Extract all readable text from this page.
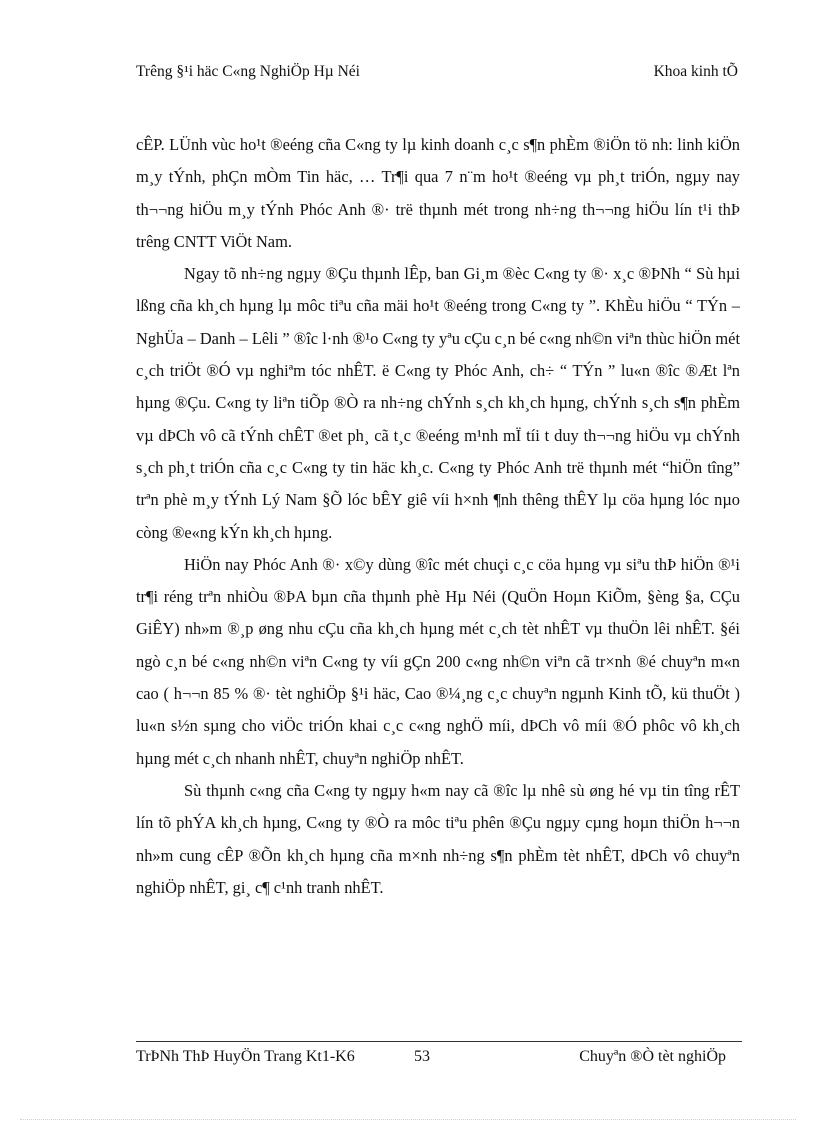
Trêng §¹i häc C«ng NghiÖp Hµ Néi	Khoa kinh tÕ

cÊP. LÜnh vùc ho¹t ®eéng cña C«ng ty lµ kinh doanh c¸c s¶n phÈm ®iÖn tö nh: linh kiÖn m¸y tÝnh, phÇn mÒm Tin häc, … Tr¶i qua 7 n¨m ho¹t ®eéng vµ ph¸t triÓn, ngµy nay th¬¬ng hiÖu m¸y tÝnh Phóc Anh ®· trë thµnh mét trong nh÷ng th¬¬ng hiÖu lín t¹i thÞ trêng CNTT ViÖt Nam.

Ngay tõ nh÷ng ngµy ®Çu thµnh lÊp, ban Gi¸m ®èc C«ng ty ®· x¸c ®ÞNh “ Sù hµi lßng cña kh¸ch hµng lµ môc tiªu cña mäi ho¹t ®eéng trong C«ng ty ”. KhÈu hiÖu “ TÝn – NghÜa – Danh – Lêli ” ®îc l·nh ®¹o C«ng ty yªu cÇu c¸n bé c«ng nh©n viªn thùc hiÖn mét c¸ch triÖt ®Ó vµ nghiªm tóc nhÊT. ë C«ng ty Phóc Anh, ch÷ “ TÝn ” lu«n ®îc ®Æt lªn hµng ®Çu. C«ng ty liªn tiÕp ®Ò ra nh÷ng chÝnh s¸ch kh¸ch hµng, chÝnh s¸ch s¶n phÈm vµ dÞCh vô cã tÝnh chÊT ®et ph¸ cã t¸c ®eéng m¹nh mÏ tíi t duy th¬¬ng hiÖu vµ chÝnh s¸ch ph¸t triÓn cña c¸c C«ng ty tin häc kh¸c. C«ng ty Phóc Anh trë thµnh mét “hiÖn tîng” trªn phè m¸y tÝnh Lý Nam §Õ lóc bÊY giê víi h×nh ¶nh thêng thÊY lµ cöa hµng lóc nµo còng ®e«ng kÝn kh¸ch hµng.

HiÖn nay Phóc Anh ®· x©y dùng ®îc mét chuçi c¸c cöa hµng vµ siªu thÞ hiÖn ®¹i tr¶i réng trªn nhiÒu ®ÞA bµn cña thµnh phè Hµ Néi (QuÖn Hoµn KiÕm, §èng §a, CÇu GiÊY) nh»m ®¸p øng nhu cÇu cña kh¸ch hµng mét c¸ch tèt nhÊT vµ thuÖn lêi nhÊT. §éi ngò c¸n bé c«ng nh©n viªn C«ng ty víi gÇn 200 c«ng nh©n viªn cã tr×nh ®é chuyªn m«n cao ( h¬¬n 85 % ®· tèt nghiÖp §¹i häc, Cao ®¼¸ng c¸c chuyªn ngµnh Kinh tÕ, kü thuÖt ) lu«n s½n sµng cho viÖc triÓn khai c¸c c«ng nghÖ míi, dÞCh vô míi ®Ó phôc vô kh¸ch hµng mét c¸ch nhanh nhÊT, chuyªn nghiÖp nhÊT.

Sù thµnh c«ng cña C«ng ty ngµy h«m nay cã ®îc lµ nhê sù øng hé vµ tin tîng rÊT lín tõ phÝA kh¸ch hµng, C«ng ty ®Ò ra môc tiªu phên ®Çu ngµy cµng hoµn thiÖn h¬¬n nh»m cung cÊP ®Õn kh¸ch hµng cña m×nh nh÷ng s¶n phÈm tèt nhÊT, dÞCh vô chuyªn nghiÖp nhÊT, gi¸ c¶ c¹nh tranh nhÊT.

TrÞNh ThÞ HuyÖn Trang Kt1-K6	53	Chuyªn ®Ò tèt nghiÖp
